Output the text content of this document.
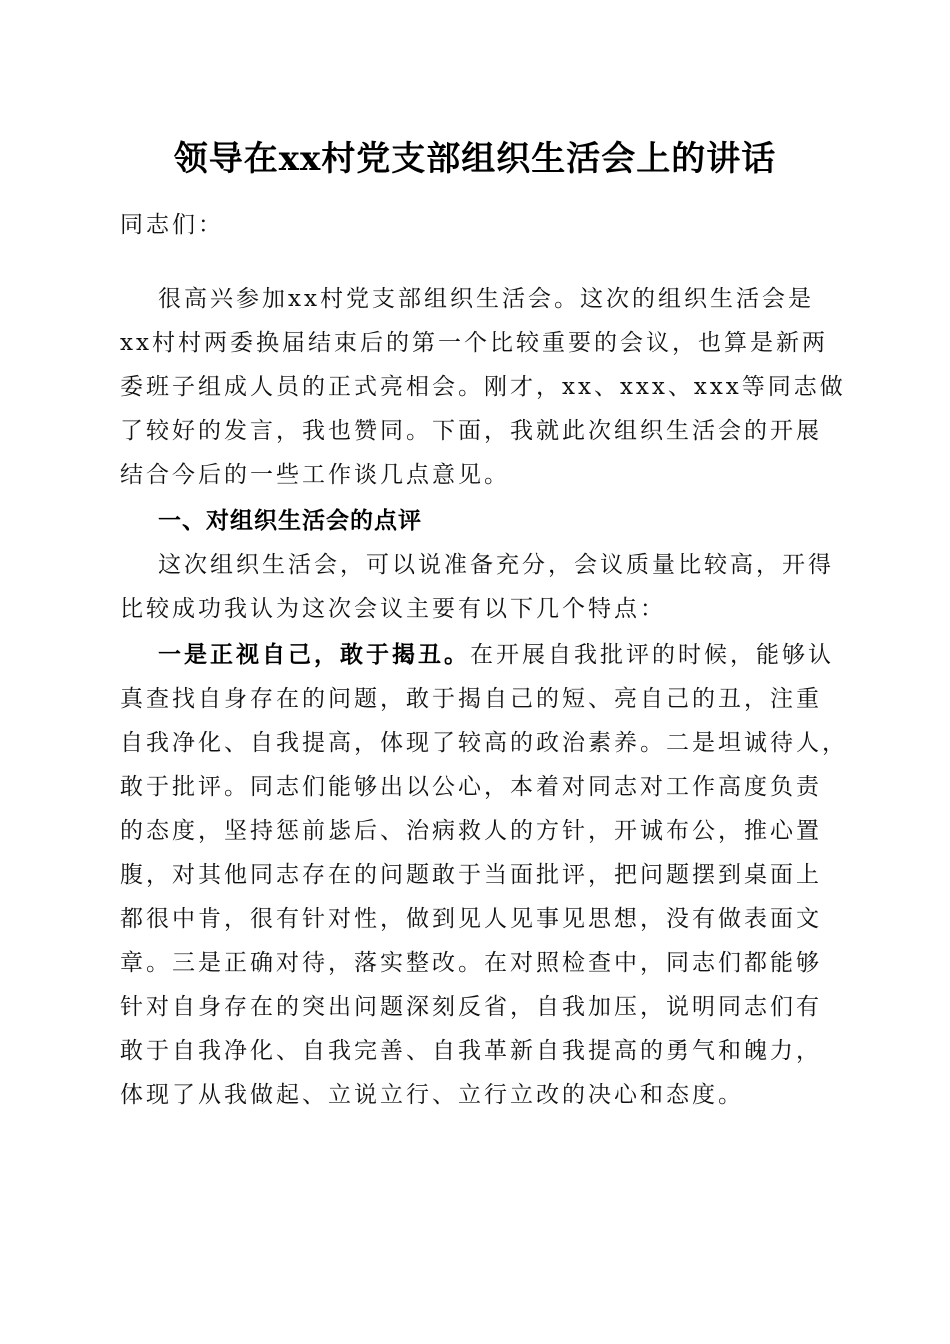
领导在xx村党支部组织生活会上的讲话
同志们：
很高兴参加xx村党支部组织生活会。这次的组织生活会是
xx村村两委换届结束后的第一个比较重要的会议，也算是新两
委班子组成人员的正式亮相会。刚才，xx、xxx、xxx等同志做
了较好的发言，我也赞同。下面，我就此次组织生活会的开展
结合今后的一些工作谈几点意见。
一、对组织生活会的点评
这次组织生活会，可以说准备充分，会议质量比较高，开得
比较成功我认为这次会议主要有以下几个特点：
一是正视自己，敢于揭丑。在开展自我批评的时候，能够认
真查找自身存在的问题，敢于揭自己的短、亮自己的丑，注重
自我净化、自我提高，体现了较高的政治素养。二是坦诚待人，
敢于批评。同志们能够出以公心，本着对同志对工作高度负责
的态度，坚持惩前毖后、治病救人的方针，开诚布公，推心置
腹，对其他同志存在的问题敢于当面批评，把问题摆到桌面上
都很中肯，很有针对性，做到见人见事见思想，没有做表面文
章。三是正确对待，落实整改。在对照检查中，同志们都能够
针对自身存在的突出问题深刻反省，自我加压，说明同志们有
敢于自我净化、自我完善、自我革新自我提高的勇气和魄力，
体现了从我做起、立说立行、立行立改的决心和态度。
